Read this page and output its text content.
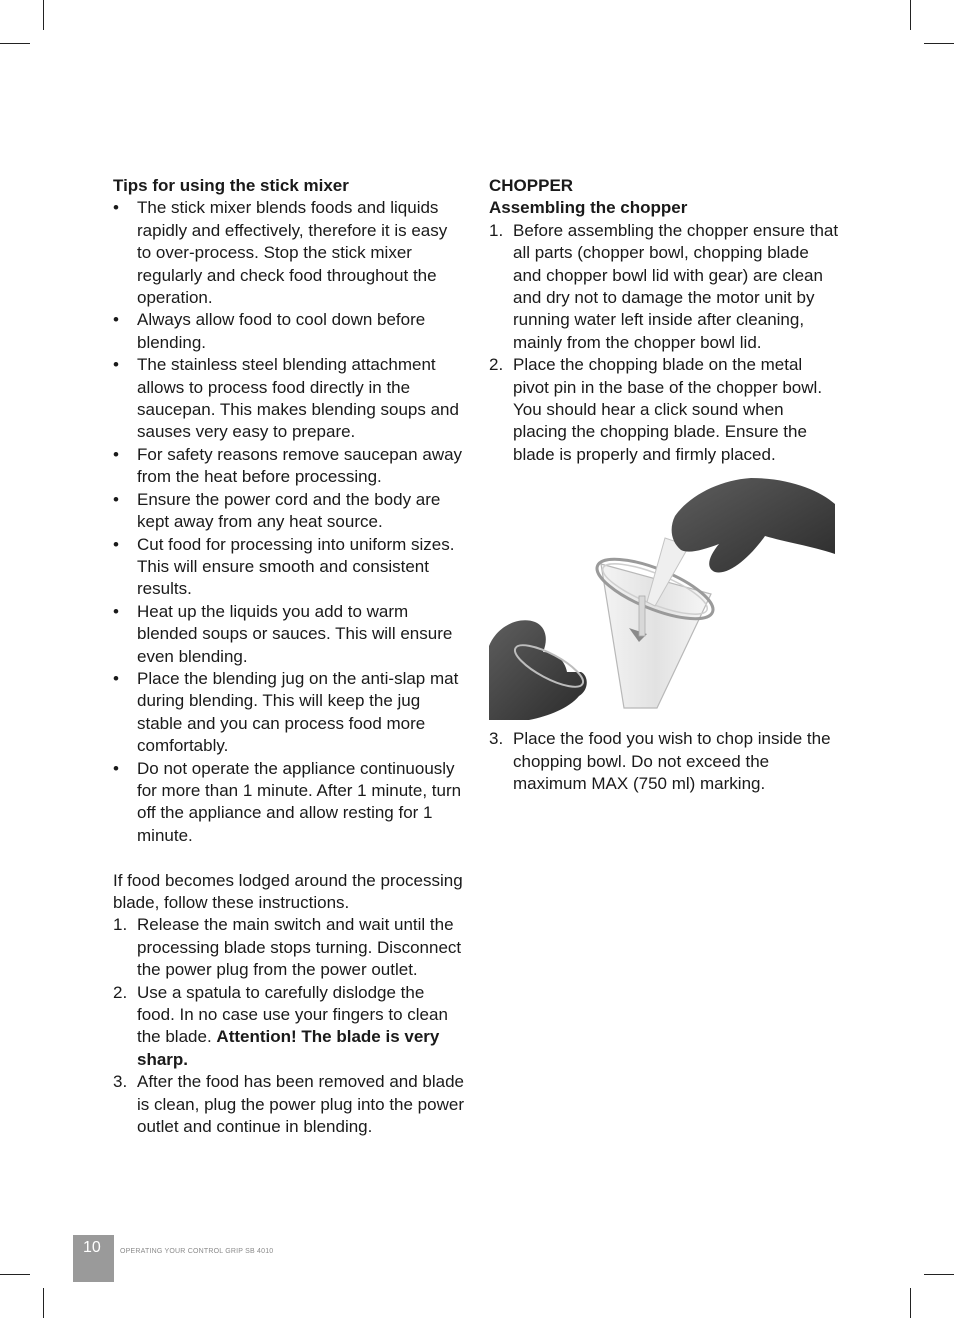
Tips for using the stick mixer

• The stick mixer blends foods and liquids rapidly and effectively, therefore it is easy to over-process. Stop the stick mixer regularly and check food throughout the operation.
• Always allow food to cool down before blending.
• The stainless steel blending attachment allows to process food directly in the saucepan. This makes blending soups and sauses very easy to prepare.
• For safety reasons remove saucepan away from the heat before processing.
• Ensure the power cord and the body are kept away from any heat source.
• Cut food for processing into uniform sizes. This will ensure smooth and consistent results.
• Heat up the liquids you add to warm blended soups or sauces. This will ensure even blending.
• Place the blending jug on the anti-slap mat during blending. This will keep the jug stable and you can process food more comfortably.
• Do not operate the appliance continuously for more than 1 minute. After 1 minute, turn off the appliance and allow resting for 1 minute.

If food becomes lodged around the processing blade, follow these instructions.

1. Release the main switch and wait until the processing blade stops turning. Disconnect the power plug from the power outlet.
2. Use a spatula to carefully dislodge the food. In no case use your fingers to clean the blade. Attention! The blade is very sharp.
3. After the food has been removed and blade is clean, plug the power plug into the power outlet and continue in blending.

CHOPPER

Assembling the chopper

1. Before assembling the chopper ensure that all parts (chopper bowl, chopping blade and chopper bowl lid with gear) are clean and dry not to damage the motor unit by running water left inside after cleaning, mainly from the chopper bowl lid.
2. Place the chopping blade on the metal pivot pin in the base of the chopper bowl. You should hear a click sound when placing the chopping blade. Ensure the blade is properly and firmly placed.
3. Place the food you wish to chop inside the chopping bowl. Do not exceed the maximum MAX (750 ml) marking.
10	OPERATING YOUR CONTROL GRIP SB 4010
